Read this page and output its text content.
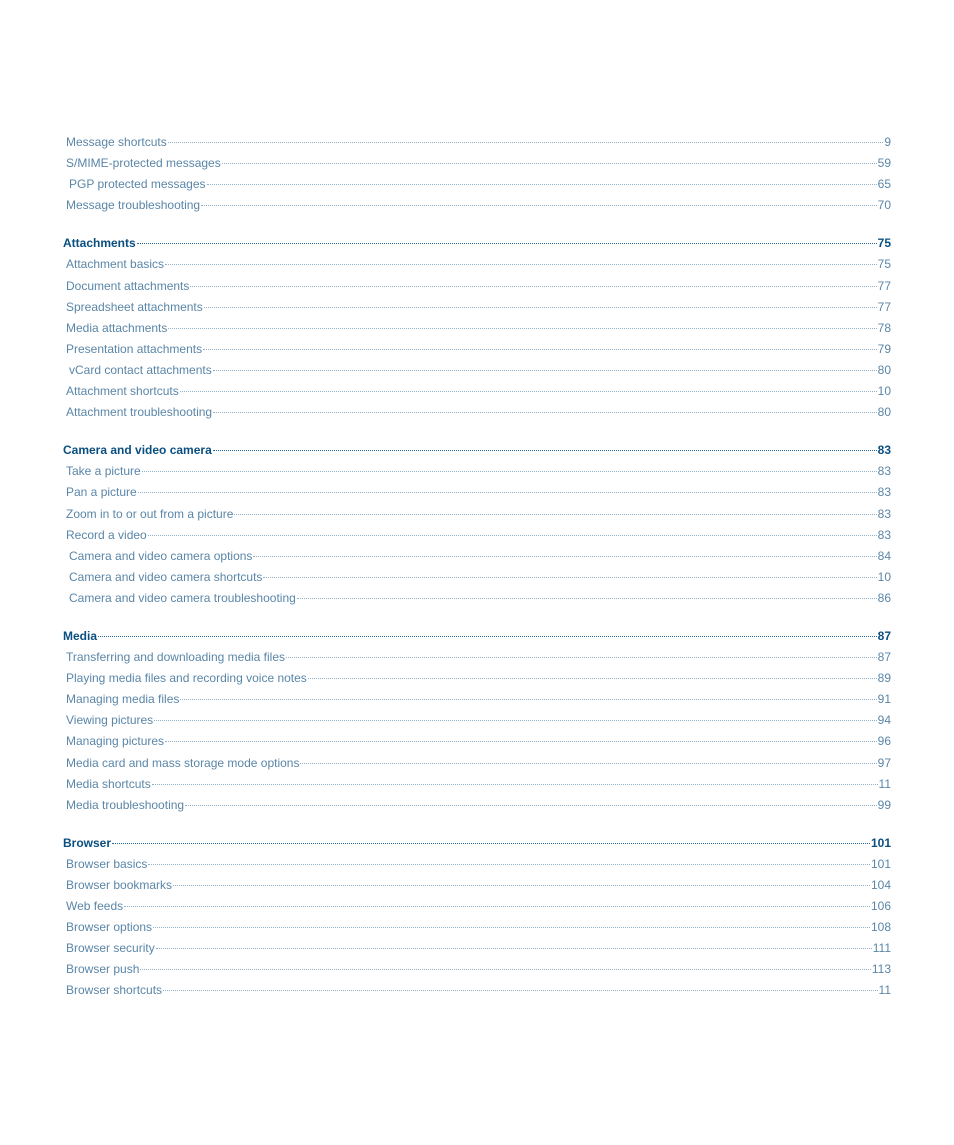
Message shortcuts	9
S/MIME-protected messages	59
PGP protected messages	65
Message troubleshooting	70
Attachments	75
Attachment basics	75
Document attachments	77
Spreadsheet attachments	77
Media attachments	78
Presentation attachments	79
vCard contact attachments	80
Attachment shortcuts	10
Attachment troubleshooting	80
Camera and video camera	83
Take a picture	83
Pan a picture	83
Zoom in to or out from a picture	83
Record a video	83
Camera and video camera options	84
Camera and video camera shortcuts	10
Camera and video camera troubleshooting	86
Media	87
Transferring and downloading media files	87
Playing media files and recording voice notes	89
Managing media files	91
Viewing pictures	94
Managing pictures	96
Media card and mass storage mode options	97
Media shortcuts	11
Media troubleshooting	99
Browser	101
Browser basics	101
Browser bookmarks	104
Web feeds	106
Browser options	108
Browser security	111
Browser push	113
Browser shortcuts	11
